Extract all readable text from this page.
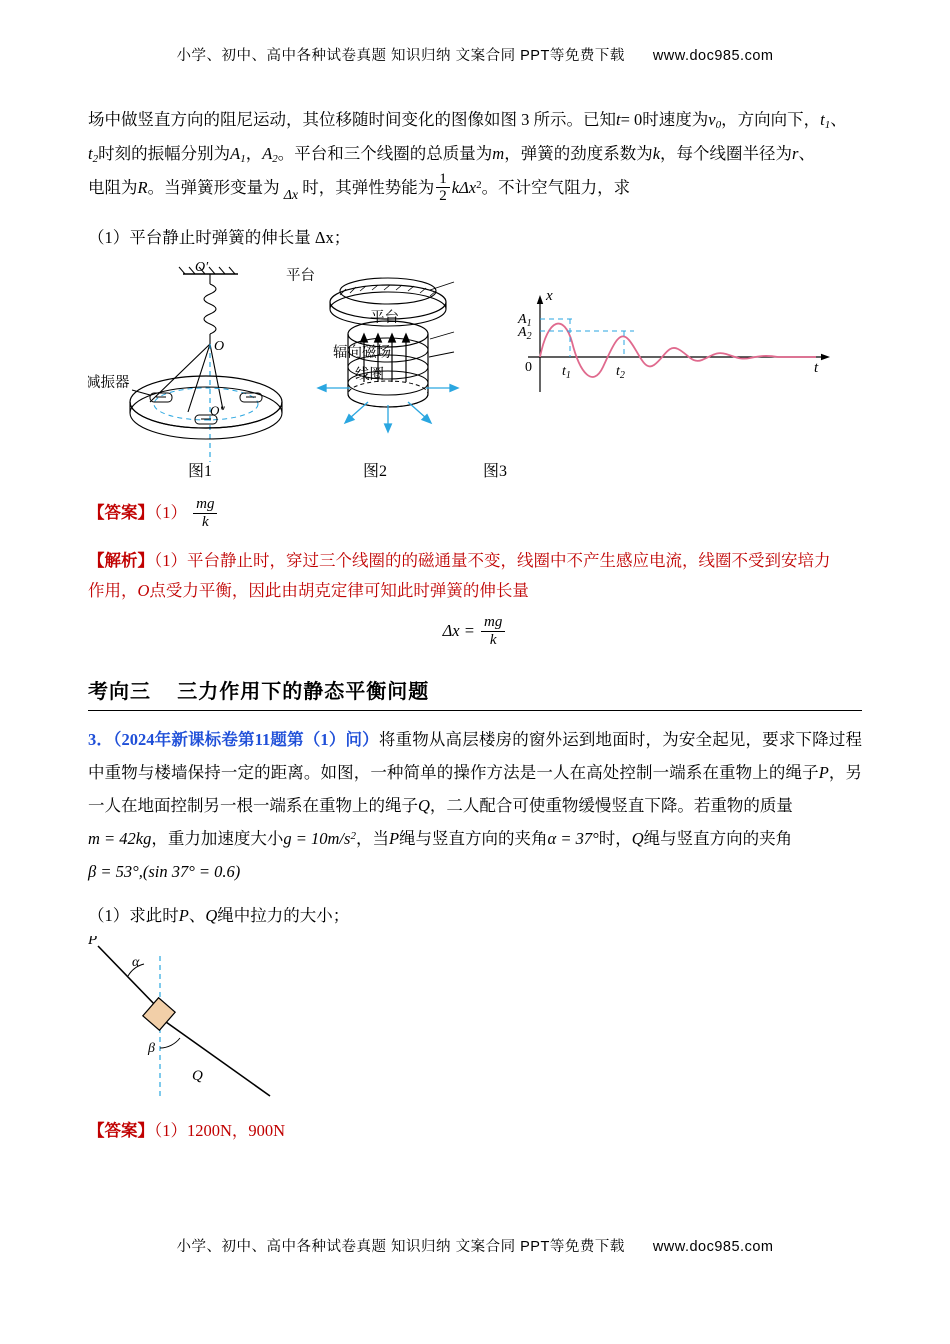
小学、初中、高中各种试卷真题 知识归纳 文案合同 PPT等免费下载 www.doc985.com

场中做竖直方向的阻尼运动，其位移随时间变化的图像如图 3 所示。已知t= 0时速度为$v_0$，方向向下，$t_1$、

$t_2$时刻的振幅分别为$A_1$，$A_2$。平台和三个线圈的总质量为m，弹簧的劲度系数为k，每个线圈半径为r、

电阻为R。当弹簧形变量为 $_{\Delta x}$ 时，其弹性势能为 $\frac{1}{2} k\Delta x^2$。不计空气阻力，求

（1）平台静止时弹簧的伸长量 Δx；
O′
O
O″
减振器
平台
x
t
$A_1$
$A_2$
0 $t_1$	$t_2$
平台
辐向磁场
线圈
图1	图2	图3
【答案】$(1) \frac{mg}{k}$

【解析】（1）平台静止时，穿过三个线圈的的磁通量不变，线圈中不产生感应电流，线圈不受到安培力

作用，O点受力平衡，因此由胡克定律可知此时弹簧的伸长量

$\Delta x = \frac{mg}{k}$
考向三 三力作用下的静态平衡问题

3．（2024年新课标卷第11题第（1）问）将重物从高层楼房的窗外运到地面时，为安全起见，要求下降过程中重物与楼墙保持一定的距离。如图，一种简单的操作方法是一人在高处控制一端系在重物上的绳子P，另一人在地面控制另一根一端系在重物上的绳子Q，二人配合可使重物缓慢竖直下降。若重物的质量

m = 42kg，重力加速度大小$g = 10m/s^2$，当P绳与竖直方向的夹角α = 37°时，Q绳与竖直方向的夹角

β = 53°,(sin 37° = 0.6)

（1）求此时P、Q绳中拉力的大小；
P
α
β
Q
【答案】（1）1200N，900N
小学、初中、高中各种试卷真题 知识归纳 文案合同 PPT等免费下载 www.doc985.com
